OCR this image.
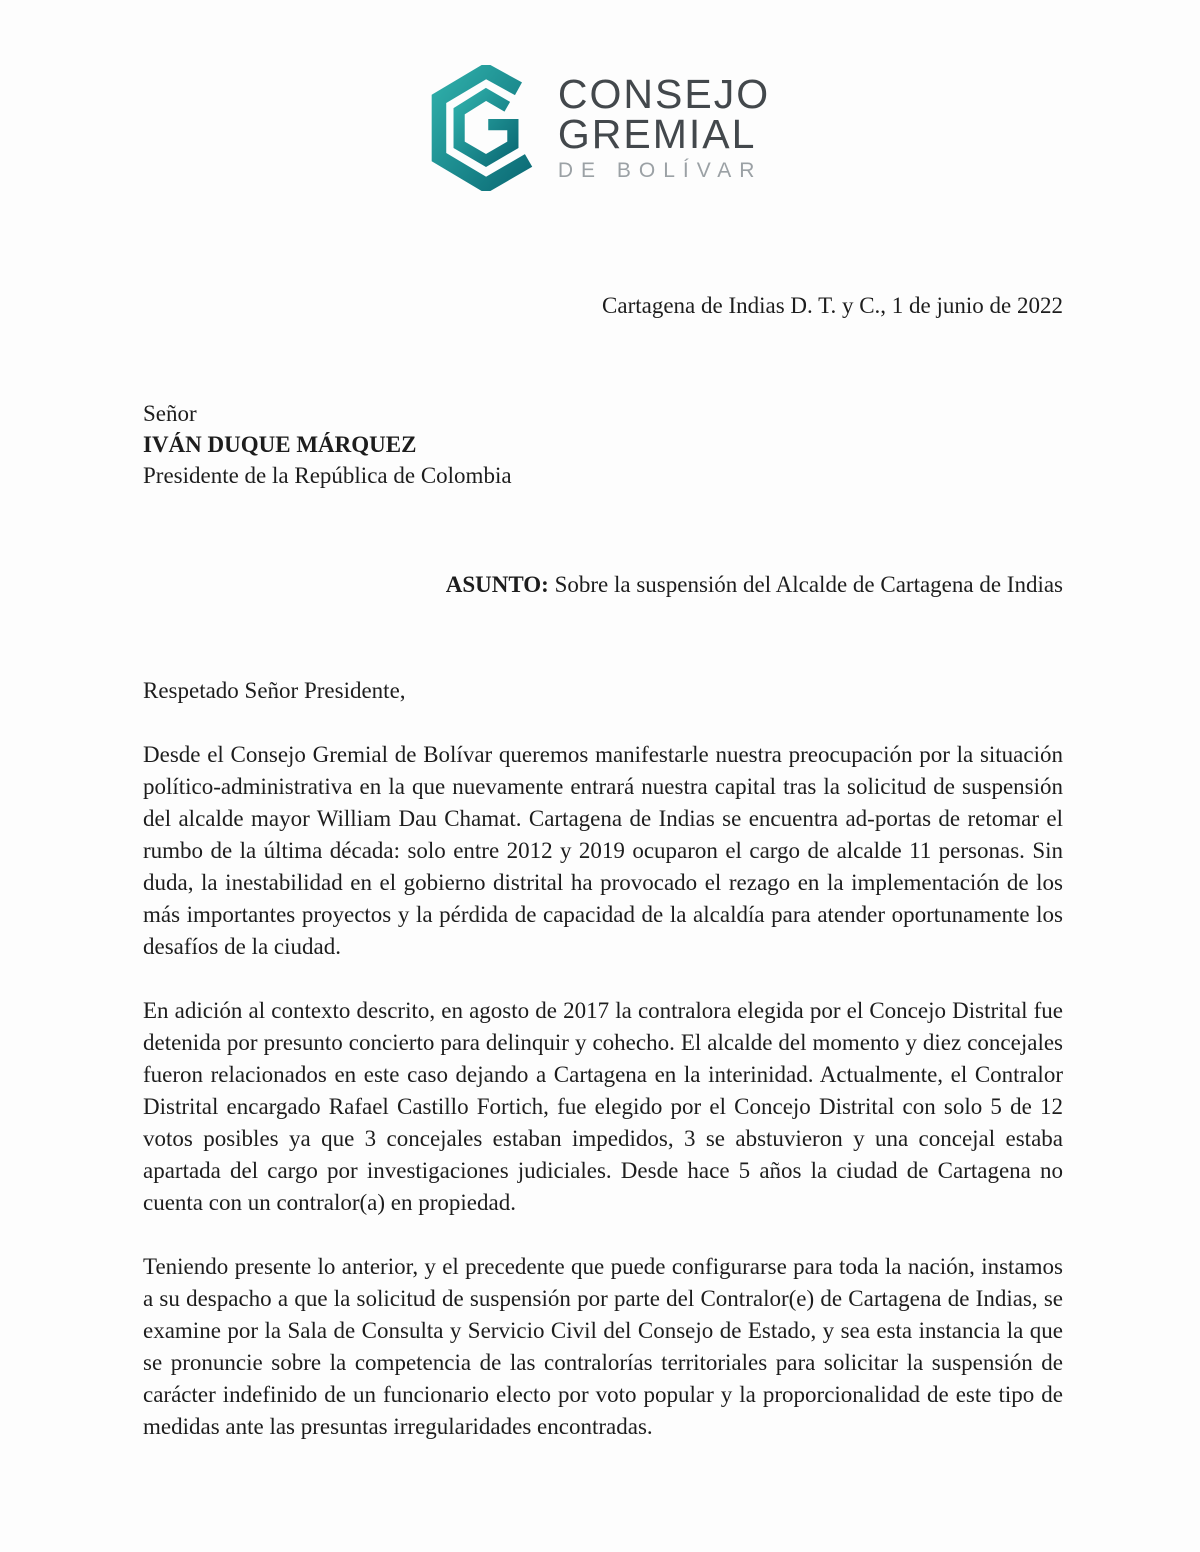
CONSEJO
GREMIAL
DE BOLÍVAR
Cartagena de Indias D. T. y C., 1 de junio de 2022
Señor
IVÁN DUQUE MÁRQUEZ
Presidente de la República de Colombia
ASUNTO: Sobre la suspensión del Alcalde de Cartagena de Indias

Respetado Señor Presidente,

Desde el Consejo Gremial de Bolívar queremos manifestarle nuestra preocupación por la situación político-administrativa en la que nuevamente entrará nuestra capital tras la solicitud de suspensión del alcalde mayor William Dau Chamat. Cartagena de Indias se encuentra ad-portas de retomar el rumbo de la última década: solo entre 2012 y 2019 ocuparon el cargo de alcalde 11 personas. Sin duda, la inestabilidad en el gobierno distrital ha provocado el rezago en la implementación de los más importantes proyectos y la pérdida de capacidad de la alcaldía para atender oportunamente los desafíos de la ciudad.

En adición al contexto descrito, en agosto de 2017 la contralora elegida por el Concejo Distrital fue detenida por presunto concierto para delinquir y cohecho. El alcalde del momento y diez concejales fueron relacionados en este caso dejando a Cartagena en la interinidad. Actualmente, el Contralor Distrital encargado Rafael Castillo Fortich, fue elegido por el Concejo Distrital con solo 5 de 12 votos posibles ya que 3 concejales estaban impedidos, 3 se abstuvieron y una concejal estaba apartada del cargo por investigaciones judiciales. Desde hace 5 años la ciudad de Cartagena no cuenta con un contralor(a) en propiedad.

Teniendo presente lo anterior, y el precedente que puede configurarse para toda la nación, instamos a su despacho a que la solicitud de suspensión por parte del Contralor(e) de Cartagena de Indias, se examine por la Sala de Consulta y Servicio Civil del Consejo de Estado, y sea esta instancia la que se pronuncie sobre la competencia de las contralorías territoriales para solicitar la suspensión de carácter indefinido de un funcionario electo por voto popular y la proporcionalidad de este tipo de medidas ante las presuntas irregularidades encontradas.
